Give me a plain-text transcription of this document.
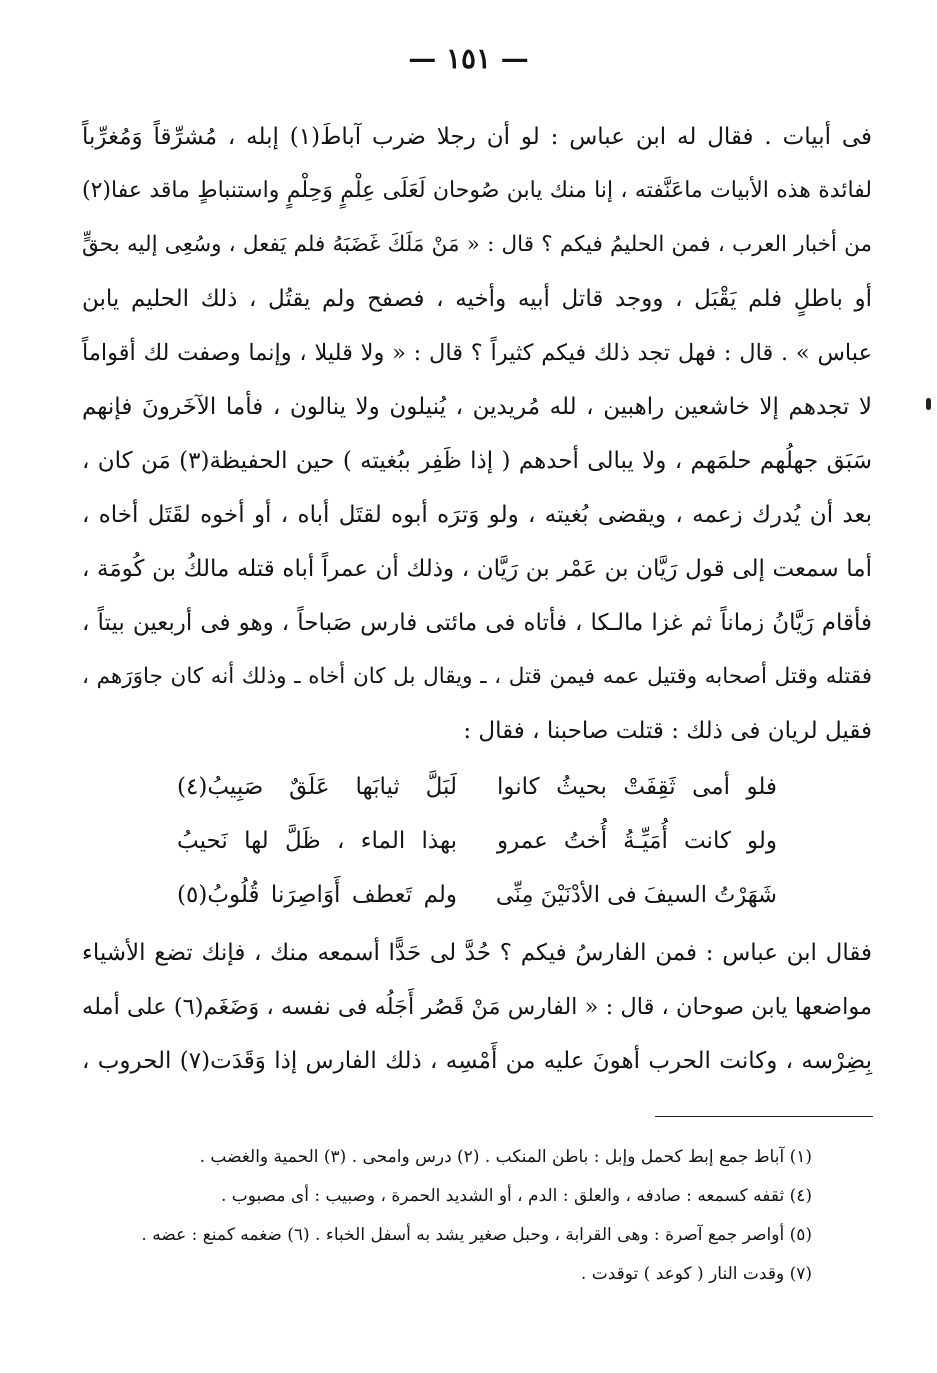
— ١٥١ —
فى أبيات . فقال له ابن عباس : لو أن رجلا ضرب آباطَ(١) إبله ، مُشرِّقاً وَمُغرِّباً
لفائدة هذه الأبيات ماعَنَّفته ، إنا منك يابن صُوحان لَعَلَى عِلْمٍ وَحِلْمٍ واستنباطٍ ماقد عفا(٢)
من أخبار العرب ، فمن الحليمُ فيكم ؟ قال : « مَنْ مَلَكَ غَضَبَهُ فلم يَفعل ، وسُعِى إليه بحقٍّ
أو باطلٍ فلم يَقْبَل ، ووجد قاتل أبيه وأخيه ، فصفح ولم يقتُل ، ذلك الحليم يابن
عباس » . قال : فهل تجد ذلك فيكم كثيراً ؟ قال : « ولا قليلا ، وإنما وصفت لك أقواماً
لا تجدهم إلا خاشعين راهبين ، لله مُريدين ، يُنيلون ولا ينالون ، فأما الآخَرونَ فإنهم
سَبَق جهلُهم حلمَهم ، ولا يبالى أحدهم ( إذا ظَفِر ببُغيته ) حين الحفيظة(٣) مَن كان ،
بعد أن يُدرك زعمه ، ويقضى بُغيته ، ولو وَترَه أبوه لقتَل أباه ، أو أخوه لقَتَل أخاه ،
أما سمعت إلى قول رَيَّان بن عَمْر بن رَيَّان ، وذلك أن عمراً أباه قتله مالكُ بن كُومَة ،
فأقام رَيَّانُ زماناً ثم غزا مالـكا ، فأتاه فى مائتى فارس صَباحاً ، وهو فى أربعين بيتاً ،
فقتله وقتل أصحابه وقتيل عمه فيمن قتل ، ـ ويقال بل كان أخاه ـ وذلك أنه كان جاوَرَهم ،
فقيل لريان فى ذلك : قتلت صاحبنا ، فقال :
فلو أمى ثَقِفَتْ بحيثُ كانوا
لَبَلَّ ثيابَها عَلَقٌ صَبِيبُ(٤)
ولو كانت أُمَيِّـةُ أُختُ عمرو
بهذا الماء ، ظَلَّ لها نَحيبُ
شَهَرْتُ السيفَ فى الأدْنَيْنَ مِنِّى
ولم تَعطف أَوَاصِرَنا قُلُوبُ(٥)
فقال ابن عباس : فمن الفارسُ فيكم ؟ حُدَّ لى حَدًّا أسمعه منك ، فإنك تضع الأشياء
مواضعها يابن صوحان ، قال : « الفارس مَنْ قَصُر أَجَلُه فى نفسه ، وَضَغَم(٦) على أمله
بِضِرْسه ، وكانت الحرب أهونَ عليه من أَمْسِه ، ذلك الفارس إذا وَقَدَت(٧) الحروب ،
(١) آباط جمع إبط كحمل وإبل : باطن المنكب . (٢) درس وامحى . (٣) الحمية والغضب .
(٤) ثقفه كسمعه : صادفه ، والعلق : الدم ، أو الشديد الحمرة ، وصبيب : أى مصبوب .
(٥) أواصر جمع آصرة : وهى القرابة ، وحبل صغير يشد به أسفل الخباء . (٦) ضغمه كمنع : عضه .
(٧) وقدت النار ( كوعد ) توقدت .
